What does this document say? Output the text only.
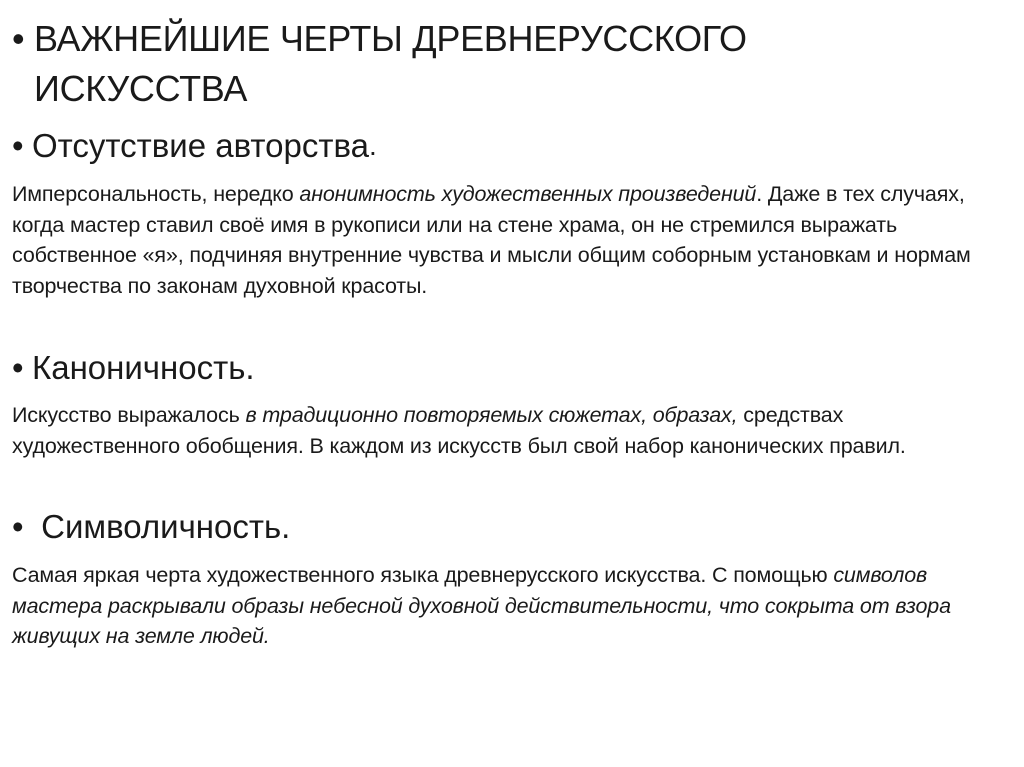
• ВАЖНЕЙШИЕ ЧЕРТЫ ДРЕВНЕРУССКОГО
ИСКУССТВА
• Отсутствие авторства .
Имперсональность, нередко анонимность художественных произведений. Даже в тех случаях, когда мастер ставил своё имя в рукописи или на стене храма, он не стремился выражать собственное «я», подчиняя внутренние чувства и мысли общим соборным установкам и нормам творчества по законам духовной красоты.
• Каноничность.
Искусство выражалось в традиционно повторяемых сюжетах, образах, средствах художественного обобщения. В каждом из искусств был свой набор канонических правил.
• Символичность.
Самая яркая черта художественного языка древнерусского искусства. С помощью символов мастера раскрывали образы небесной духовной действительности, что сокрыта от взора живущих на земле людей.
